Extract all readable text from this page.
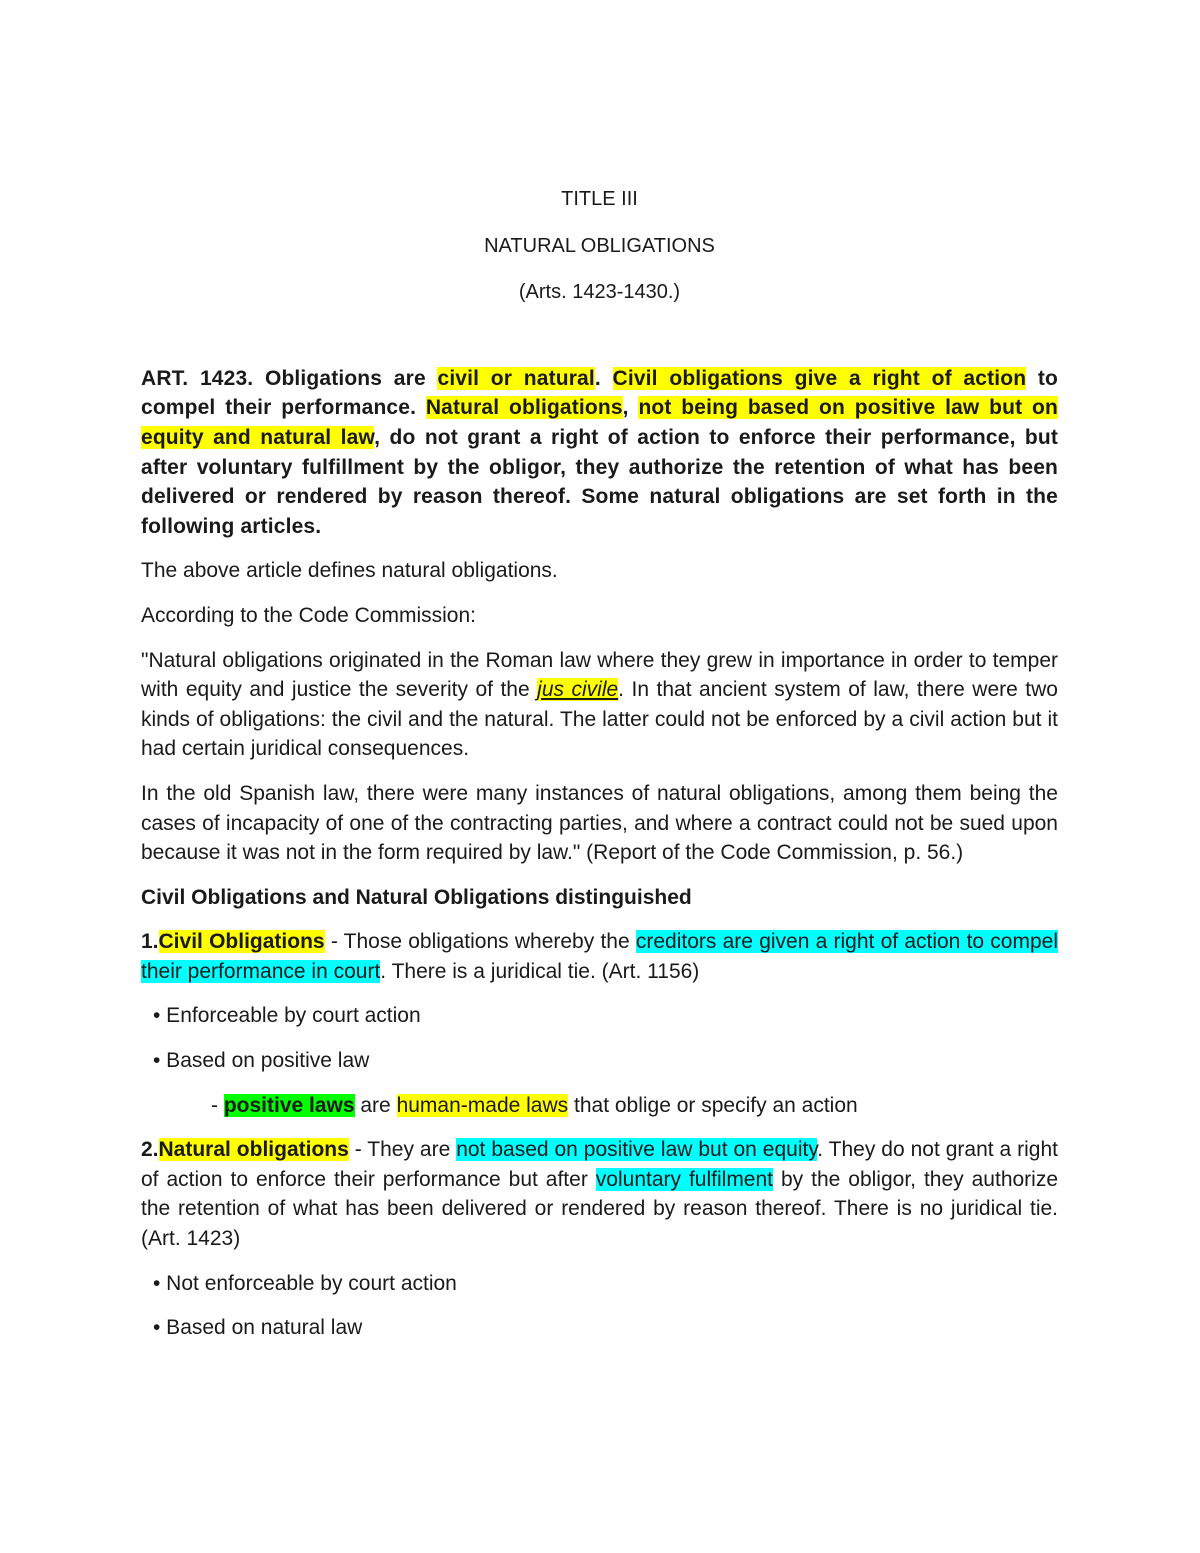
TITLE III
NATURAL OBLIGATIONS
(Arts. 1423-1430.)

ART. 1423. Obligations are civil or natural. Civil obligations give a right of action to compel their performance. Natural obligations, not being based on positive law but on equity and natural law, do not grant a right of action to enforce their performance, but after voluntary fulfillment by the obligor, they authorize the retention of what has been delivered or rendered by reason thereof. Some natural obligations are set forth in the following articles.

The above article defines natural obligations.

According to the Code Commission:

"Natural obligations originated in the Roman law where they grew in importance in order to temper with equity and justice the severity of the jus civile. In that ancient system of law, there were two kinds of obligations: the civil and the natural. The latter could not be enforced by a civil action but it had certain juridical consequences.

In the old Spanish law, there were many instances of natural obligations, among them being the cases of incapacity of one of the contracting parties, and where a contract could not be sued upon because it was not in the form required by law." (Report of the Code Commission, p. 56.)

Civil Obligations and Natural Obligations distinguished

1.Civil Obligations - Those obligations whereby the creditors are given a right of action to compel their performance in court. There is a juridical tie. (Art. 1156)

• Enforceable by court action

• Based on positive law

- positive laws are human-made laws that oblige or specify an action

2.Natural obligations - They are not based on positive law but on equity. They do not grant a right of action to enforce their performance but after voluntary fulfilment by the obligor, they authorize the retention of what has been delivered or rendered by reason thereof. There is no juridical tie. (Art. 1423)

• Not enforceable by court action

• Based on natural law
